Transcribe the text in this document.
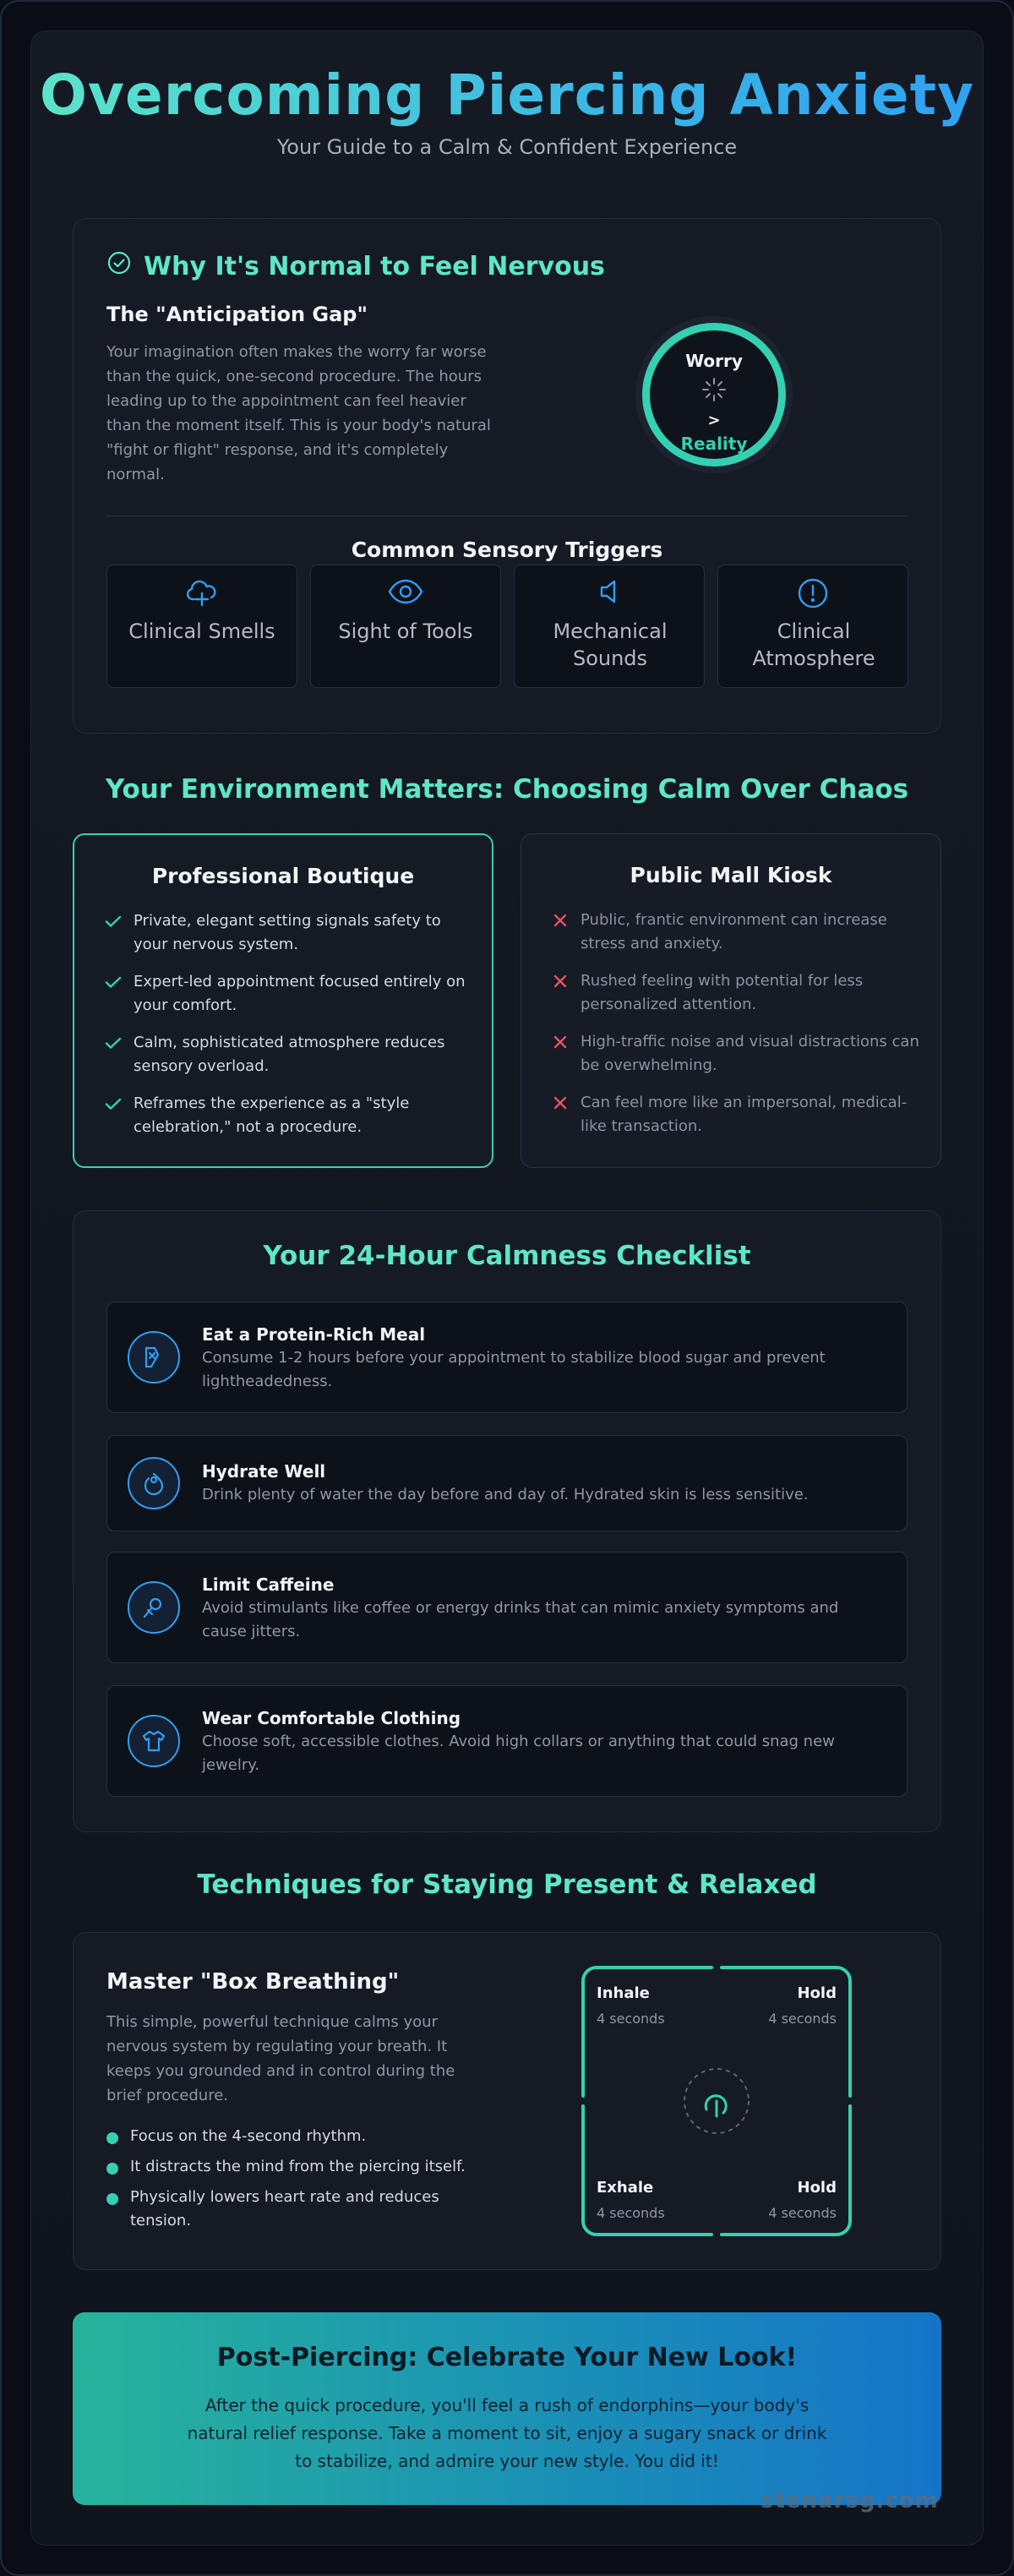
Overcoming Piercing Anxiety
Your Guide to a Calm & Confident Experience
Why It's Normal to Feel Nervous
The "Anticipation Gap"
Your imagination often makes the worry far worse than the quick, one-second procedure. The hours leading up to the appointment can feel heavier than the moment itself. This is your body's natural "fight or flight" response, and it's completely normal.
Worry
>
Reality
Common Sensory Triggers
Clinical Smells	Sight of Tools	Mechanical Sounds
Clinical Atmosphere
Your Environment Matters: Choosing Calm Over Chaos
Professional Boutique
Private, elegant setting signals safety to your nervous system.
Expert-led appointment focused entirely on your comfort.
Calm, sophisticated atmosphere reduces sensory overload.
Reframes the experience as a "style celebration," not a procedure.
Public Mall Kiosk
Public, frantic environment can increase stress and anxiety.
Rushed feeling with potential for less personalized attention.
High-traffic noise and visual distractions can be overwhelming.
Can feel more like an impersonal, medical-like transaction.
Your 24-Hour Calmness Checklist
Eat a Protein-Rich Meal
Consume 1-2 hours before your appointment to stabilize blood sugar and prevent lightheadedness.
Hydrate Well
Drink plenty of water the day before and day of. Hydrated skin is less sensitive.
Limit Caffeine
Avoid stimulants like coffee or energy drinks that can mimic anxiety symptoms and cause jitters.
Wear Comfortable Clothing
Choose soft, accessible clothes. Avoid high collars or anything that could snag new jewelry.
Techniques for Staying Present & Relaxed
Master "Box Breathing"
This simple, powerful technique calms your nervous system by regulating your breath. It keeps you grounded and in control during the brief procedure.
Focus on the 4-second rhythm.
It distracts the mind from the piercing itself.
Physically lowers heart rate and reduces tension.
Inhale
4 seconds
Hold
4 seconds
Exhale
4 seconds
Hold
4 seconds
Post-Piercing: Celebrate Your New Look!

After the quick procedure, you'll feel a rush of endorphins—your body's natural relief response. Take a moment to sit, enjoy a sugary snack or drink to stabilize, and admire your new style. You did it!

stenarsg.com
